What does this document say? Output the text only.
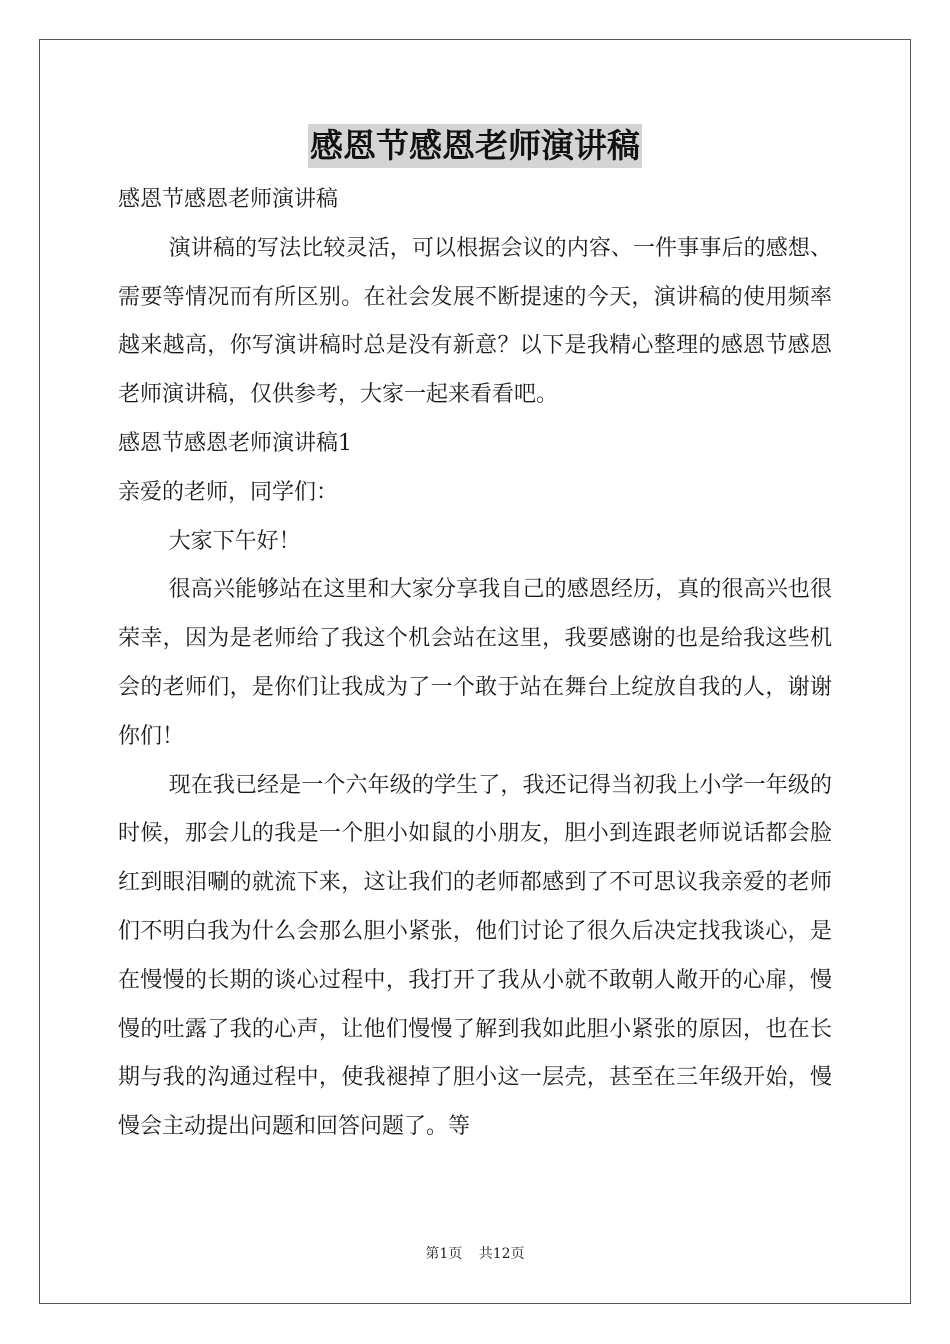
感恩节感恩老师演讲稿
感恩节感恩老师演讲稿

演讲稿的写法比较灵活，可以根据会议的内容、一件事事后的感想、需要等情况而有所区别。在社会发展不断提速的今天，演讲稿的使用频率越来越高，你写演讲稿时总是没有新意？以下是我精心整理的感恩节感恩老师演讲稿，仅供参考，大家一起来看看吧。

感恩节感恩老师演讲稿1
亲爱的老师，同学们：

大家下午好！

很高兴能够站在这里和大家分享我自己的感恩经历，真的很高兴也很荣幸，因为是老师给了我这个机会站在这里，我要感谢的也是给我这些机会的老师们，是你们让我成为了一个敢于站在舞台上绽放自我的人，谢谢你们！

现在我已经是一个六年级的学生了，我还记得当初我上小学一年级的时候，那会儿的我是一个胆小如鼠的小朋友，胆小到连跟老师说话都会脸红到眼泪唰的就流下来，这让我们的老师都感到了不可思议我亲爱的老师们不明白我为什么会那么胆小紧张，他们讨论了很久后决定找我谈心，是在慢慢的长期的谈心过程中，我打开了我从小就不敢朝人敞开的心扉，慢慢的吐露了我的心声，让他们慢慢了解到我如此胆小紧张的原因，也在长期与我的沟通过程中，使我褪掉了胆小这一层壳，甚至在三年级开始，慢慢会主动提出问题和回答问题了。等

第1页 共12页
